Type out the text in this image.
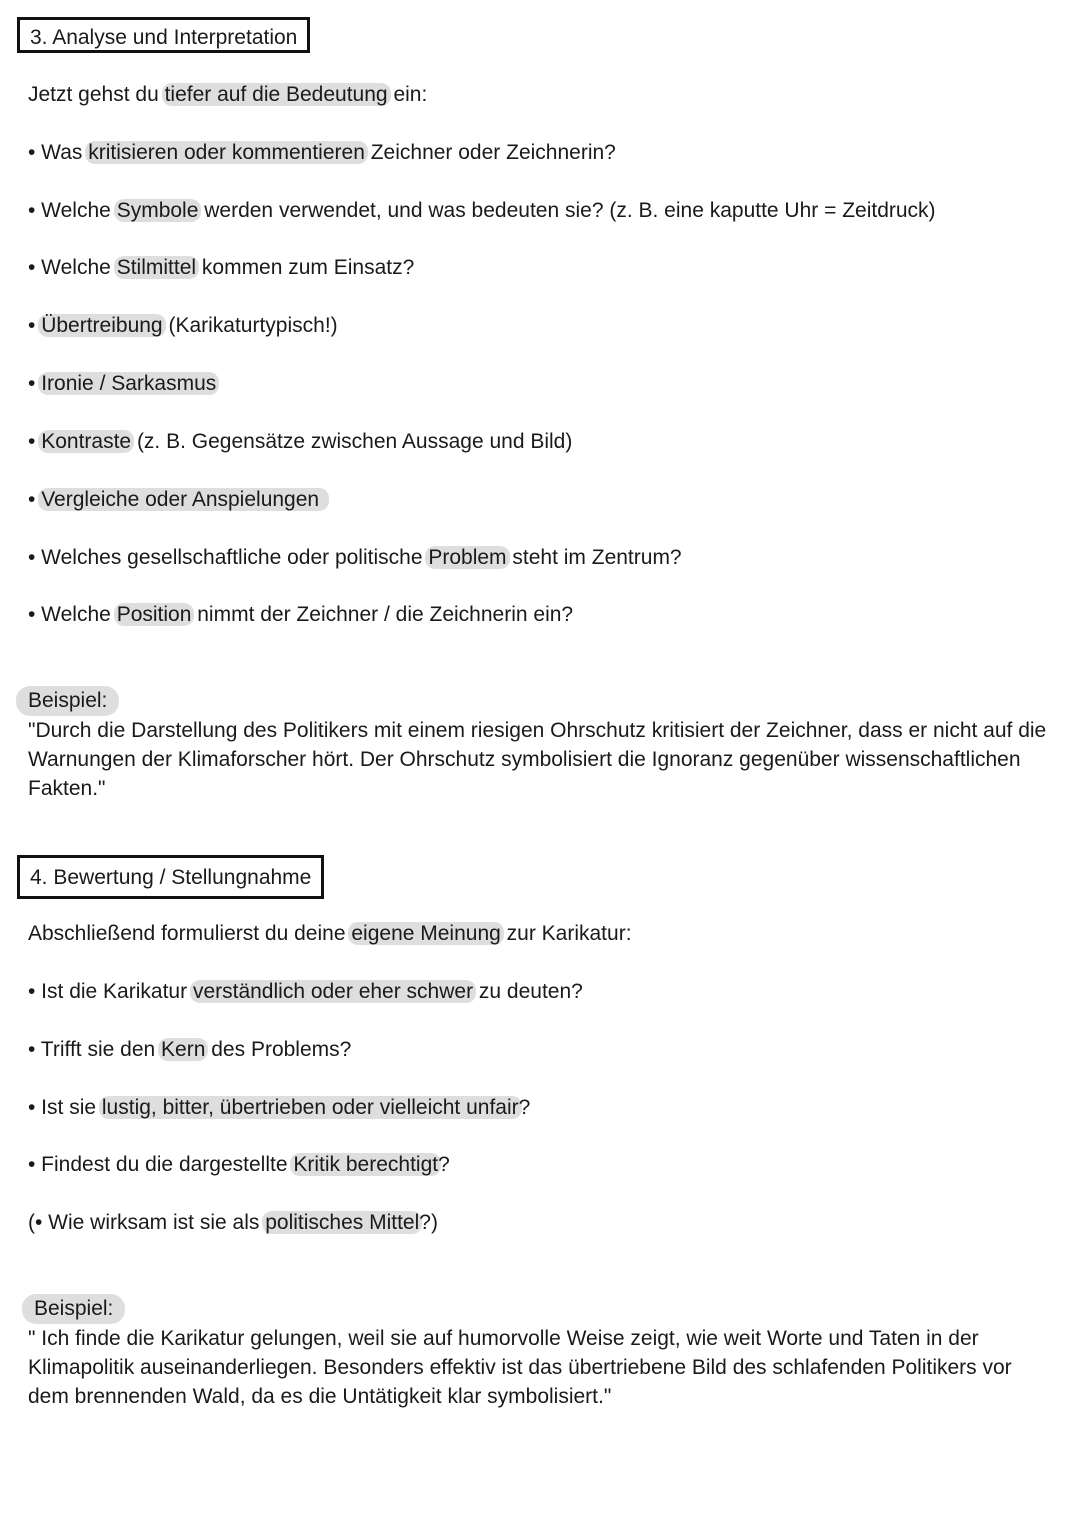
3. Analyse und Interpretation
Jetzt gehst du tiefer auf die Bedeutung ein:
• Was kritisieren oder kommentieren Zeichner oder Zeichnerin?
• Welche Symbole werden verwendet, und was bedeuten sie? (z. B. eine kaputte Uhr = Zeitdruck)
• Welche Stilmittel kommen zum Einsatz?
• Übertreibung (Karikaturtypisch!)
• Ironie / Sarkasmus
• Kontraste (z. B. Gegensätze zwischen Aussage und Bild)
• Vergleiche oder Anspielungen
• Welches gesellschaftliche oder politische Problem steht im Zentrum?
• Welche Position nimmt der Zeichner / die Zeichnerin ein?
Beispiel:
"Durch die Darstellung des Politikers mit einem riesigen Ohrschutz kritisiert der Zeichner, dass er nicht auf die Warnungen der Klimaforscher hört. Der Ohrschutz symbolisiert die Ignoranz gegenüber wissenschaftlichen Fakten."
4. Bewertung / Stellungnahme
Abschließend formulierst du deine eigene Meinung zur Karikatur:
• Ist die Karikatur verständlich oder eher schwer zu deuten?
• Trifft sie den Kern des Problems?
• Ist sie lustig, bitter, übertrieben oder vielleicht unfair?
• Findest du die dargestellte Kritik berechtigt?
(• Wie wirksam ist sie als politisches Mittel?)
Beispiel:
" Ich finde die Karikatur gelungen, weil sie auf humorvolle Weise zeigt, wie weit Worte und Taten in der Klimapolitik auseinanderliegen. Besonders effektiv ist das übertriebene Bild des schlafenden Politikers vor dem brennenden Wald, da es die Untätigkeit klar symbolisiert."
